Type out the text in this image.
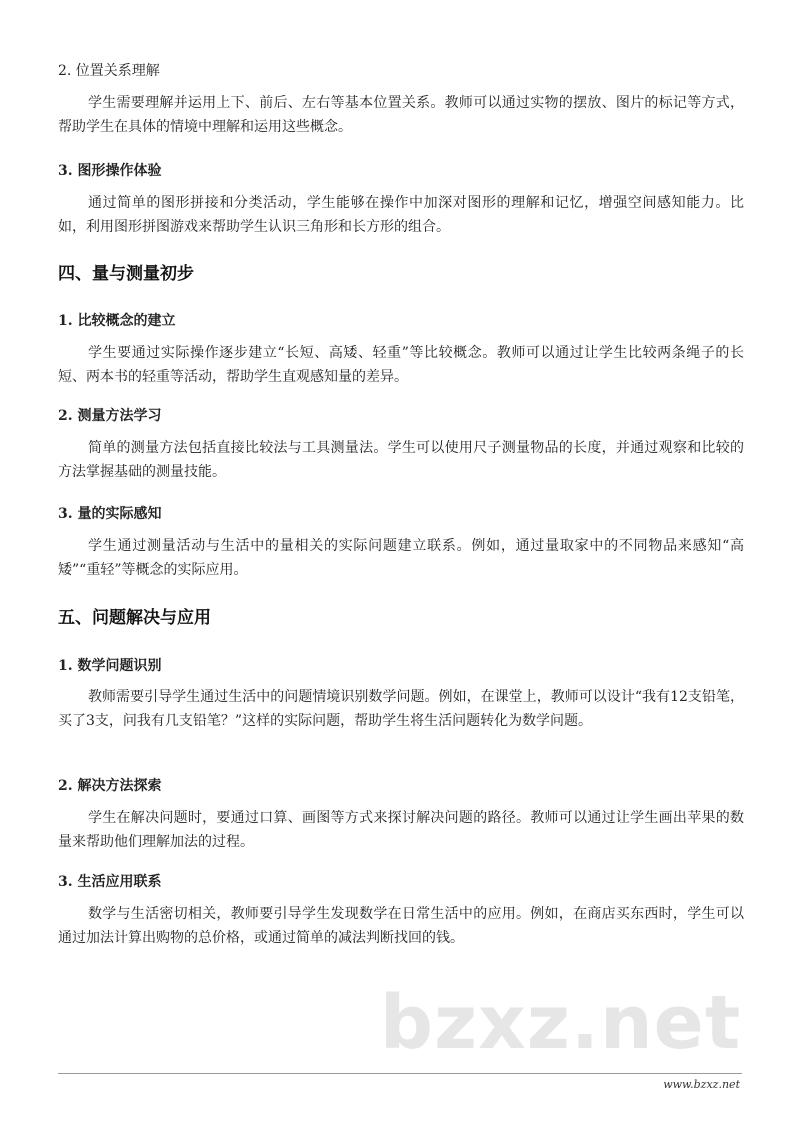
2. 位置关系理解

学生需要理解并运用上下、前后、左右等基本位置关系。教师可以通过实物的摆放、图片的标记等方式，帮助学生在具体的情境中理解和运用这些概念。

3. 图形操作体验

通过简单的图形拼接和分类活动，学生能够在操作中加深对图形的理解和记忆，增强空间感知能力。比如，利用图形拼图游戏来帮助学生认识三角形和长方形的组合。

四、量与测量初步

1. 比较概念的建立

学生要通过实际操作逐步建立“长短、高矮、轻重”等比较概念。教师可以通过让学生比较两条绳子的长短、两本书的轻重等活动，帮助学生直观感知量的差异。

2. 测量方法学习

简单的测量方法包括直接比较法与工具测量法。学生可以使用尺子测量物品的长度，并通过观察和比较的方法掌握基础的测量技能。

3. 量的实际感知

学生通过测量活动与生活中的量相关的实际问题建立联系。例如，通过量取家中的不同物品来感知“高矮”“重轻”等概念的实际应用。

五、问题解决与应用

1. 数学问题识别

教师需要引导学生通过生活中的问题情境识别数学问题。例如，在课堂上，教师可以设计“我有12支铅笔，买了3支，问我有几支铅笔？”这样的实际问题，帮助学生将生活问题转化为数学问题。

2. 解决方法探索

学生在解决问题时，要通过口算、画图等方式来探讨解决问题的路径。教师可以通过让学生画出苹果的数量来帮助他们理解加法的过程。

3. 生活应用联系

数学与生活密切相关，教师要引导学生发现数学在日常生活中的应用。例如，在商店买东西时，学生可以通过加法计算出购物的总价格，或通过简单的减法判断找回的钱。

bzxz.net
www.bzxz.net
